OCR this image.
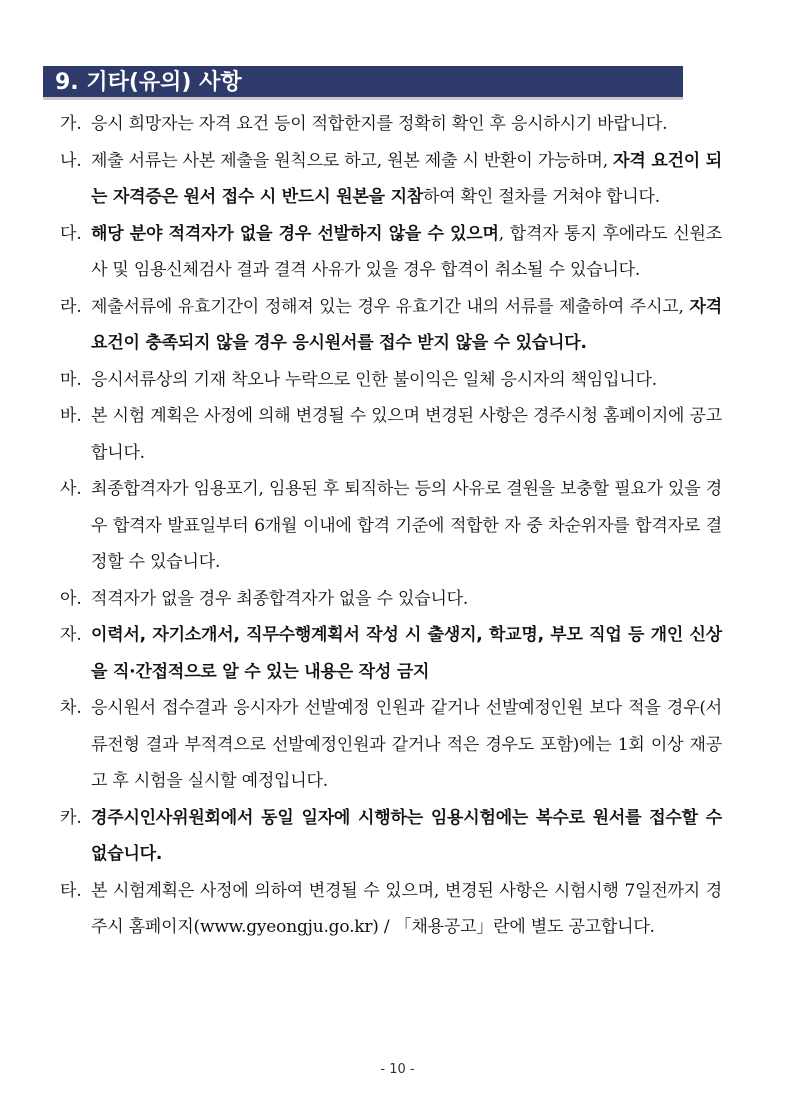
9. 기타(유의) 사항
가. 응시 희망자는 자격 요건 등이 적합한지를 정확히 확인 후 응시하시기 바랍니다.
나. 제출 서류는 사본 제출을 원칙으로 하고, 원본 제출 시 반환이 가능하며, 자격 요건이 되는 자격증은 원서 접수 시 반드시 원본을 지참하여 확인 절차를 거쳐야 합니다.
다. 해당 분야 적격자가 없을 경우 선발하지 않을 수 있으며, 합격자 통지 후에라도 신원조사 및 임용신체검사 결과 결격 사유가 있을 경우 합격이 취소될 수 있습니다.
라. 제출서류에 유효기간이 정해져 있는 경우 유효기간 내의 서류를 제출하여 주시고, 자격 요건이 충족되지 않을 경우 응시원서를 접수 받지 않을 수 있습니다.
마. 응시서류상의 기재 착오나 누락으로 인한 불이익은 일체 응시자의 책임입니다.
바. 본 시험 계획은 사정에 의해 변경될 수 있으며 변경된 사항은 경주시청 홈페이지에 공고합니다.
사. 최종합격자가 임용포기, 임용된 후 퇴직하는 등의 사유로 결원을 보충할 필요가 있을 경우 합격자 발표일부터 6개월 이내에 합격 기준에 적합한 자 중 차순위자를 합격자로 결정할 수 있습니다.
아. 적격자가 없을 경우 최종합격자가 없을 수 있습니다.
자. 이력서, 자기소개서, 직무수행계획서 작성 시 출생지, 학교명, 부모 직업 등 개인 신상을 직·간접적으로 알 수 있는 내용은 작성 금지
차. 응시원서 접수결과 응시자가 선발예정 인원과 같거나 선발예정인원 보다 적을 경우(서류전형 결과 부적격으로 선발예정인원과 같거나 적은 경우도 포함)에는 1회 이상 재공고 후 시험을 실시할 예정입니다.
카. 경주시인사위원회에서 동일 일자에 시행하는 임용시험에는 복수로 원서를 접수할 수 없습니다.
타. 본 시험계획은 사정에 의하여 변경될 수 있으며, 변경된 사항은 시험시행 7일전까지 경주시 홈페이지(www.gyeongju.go.kr) / 「채용공고」란에 별도 공고합니다.
- 10 -
